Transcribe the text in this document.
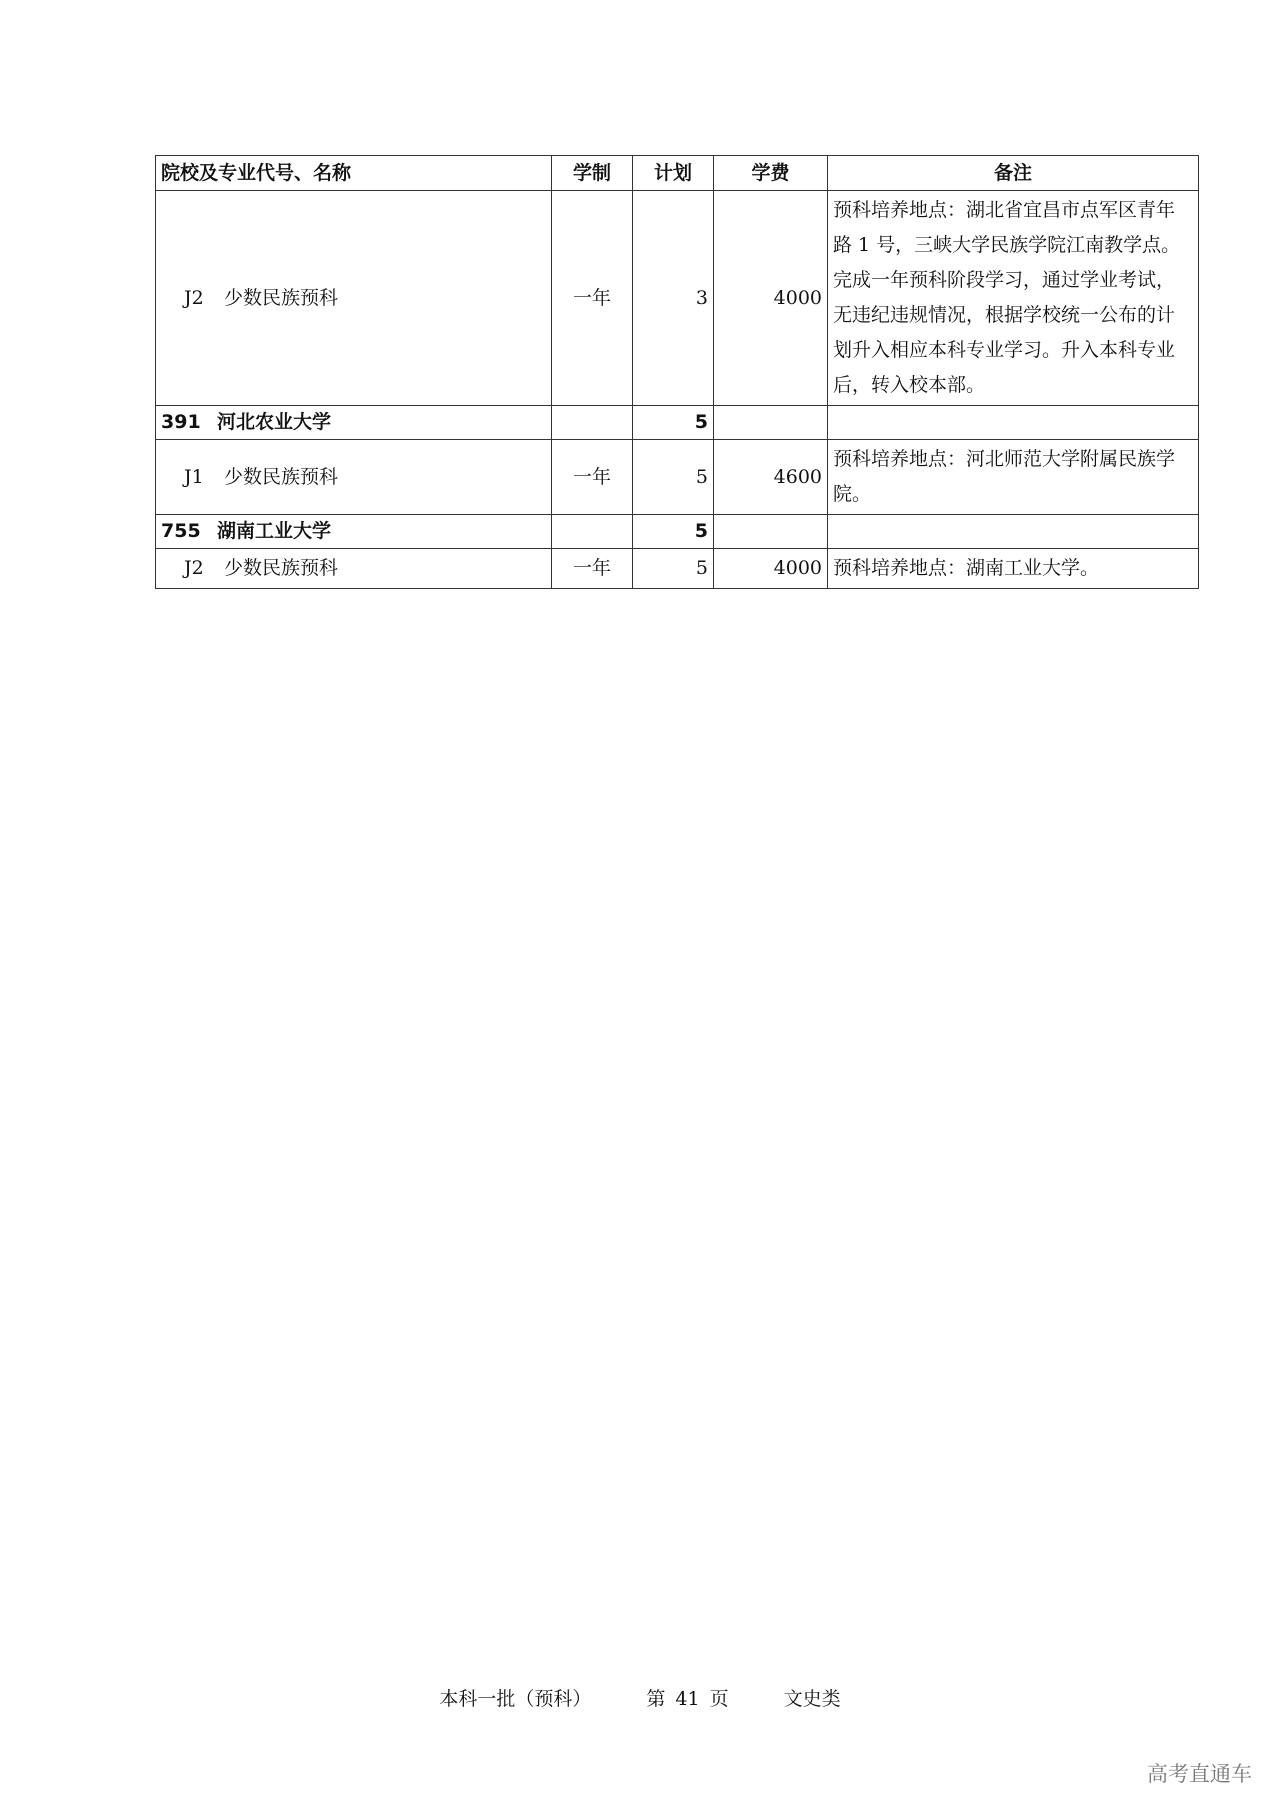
院校及专业代号、名称	学制	计划	学费	备注
J2 少数民族预科	一年	3	4000	预科培养地点：湖北省宜昌市点军区青年路 1 号，三峡大学民族学院江南教学点。完成一年预科阶段学习，通过学业考试，无违纪违规情况，根据学校统一公布的计划升入相应本科专业学习。升入本科专业后，转入校本部。
391 河北农业大学		5		
J1 少数民族预科	一年	5	4600	预科培养地点：河北师范大学附属民族学院。
755 湖南工业大学		5		
J2 少数民族预科	一年	5	4000	预科培养地点：湖南工业大学。
本科一批（预科）	第 41 页	文史类
高考直通车
